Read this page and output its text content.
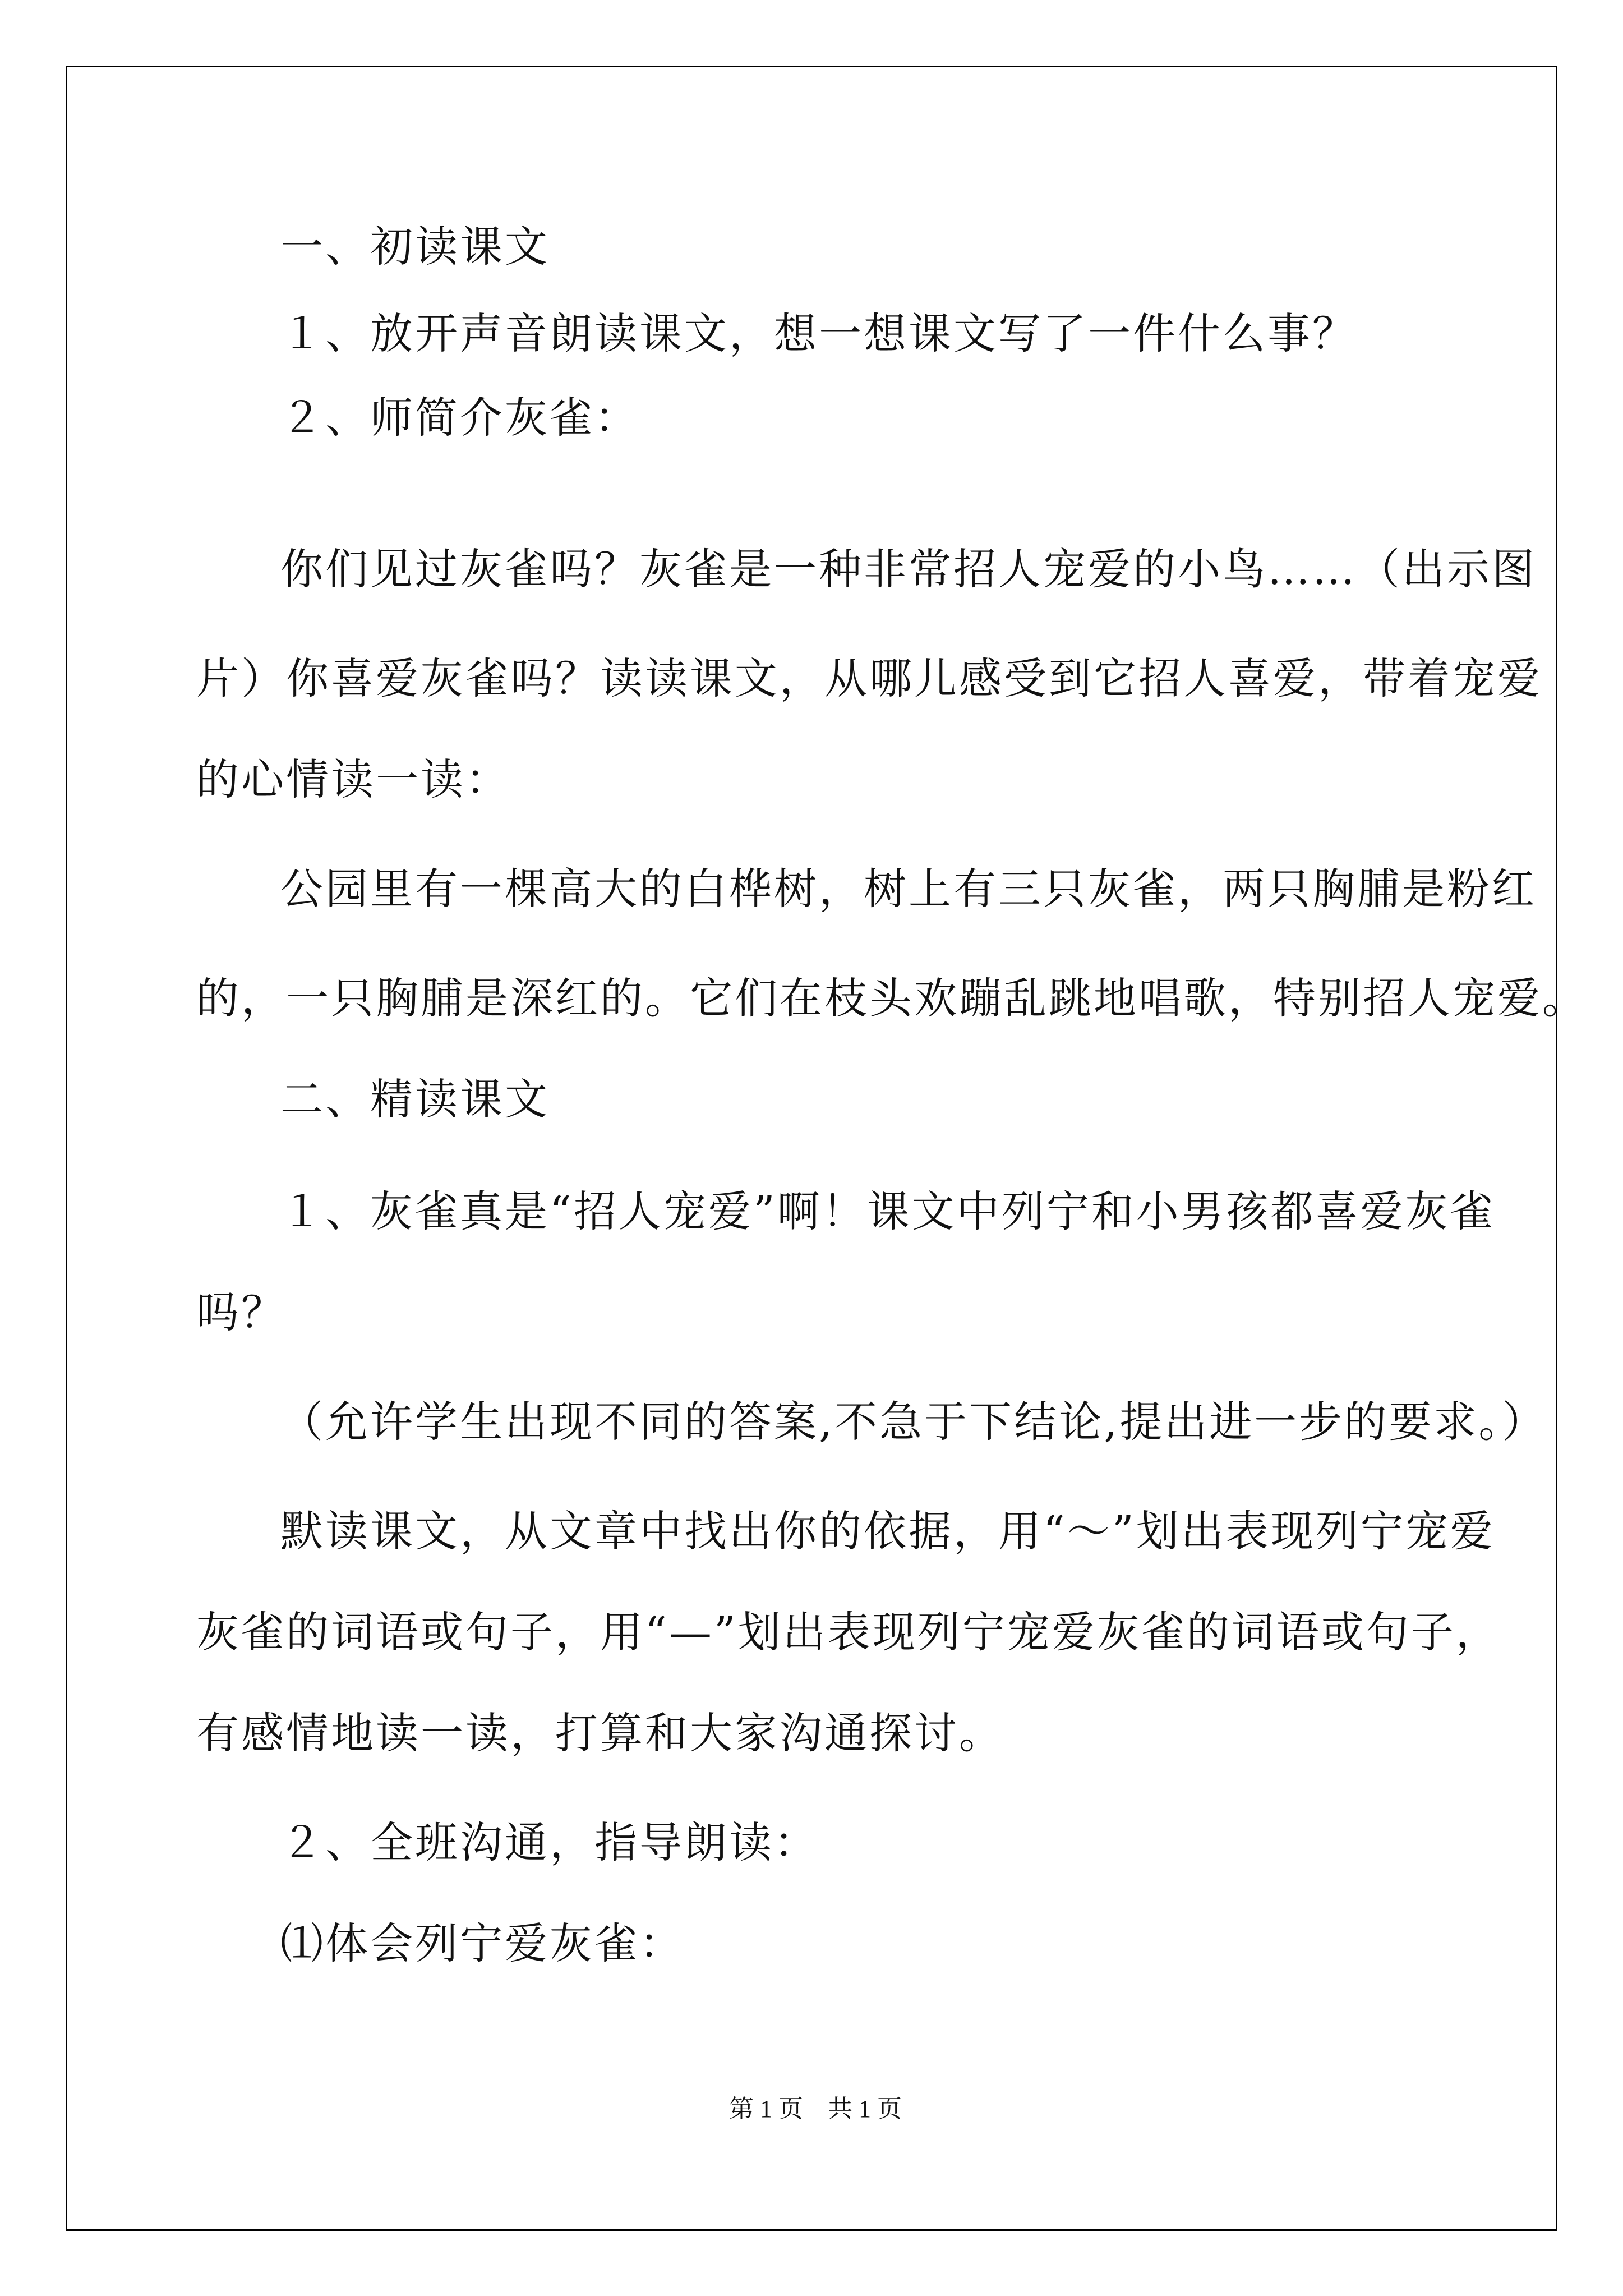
一、初读课文
１、放开声音朗读课文，想一想课文写了一件什么事？
２、师简介灰雀：
你们见过灰雀吗？灰雀是一种非常招人宠爱的小鸟……（出示图
片）你喜爱灰雀吗？读读课文，从哪儿感受到它招人喜爱，带着宠爱
的心情读一读：
公园里有一棵高大的白桦树，树上有三只灰雀，两只胸脯是粉红
的，一只胸脯是深红的。它们在枝头欢蹦乱跳地唱歌，特别招人宠爱。
二、精读课文
１、灰雀真是“招人宠爱”啊！课文中列宁和小男孩都喜爱灰雀
吗？
（允许学生出现不同的答案,不急于下结论,提出进一步的要求。）
默读课文，从文章中找出你的依据，用“～”划出表现列宁宠爱
灰雀的词语或句子，用“—”划出表现列宁宠爱灰雀的词语或句子，
有感情地读一读，打算和大家沟通探讨。
２、全班沟通，指导朗读：
⑴体会列宁爱灰雀：
第 1 页　共 1 页
